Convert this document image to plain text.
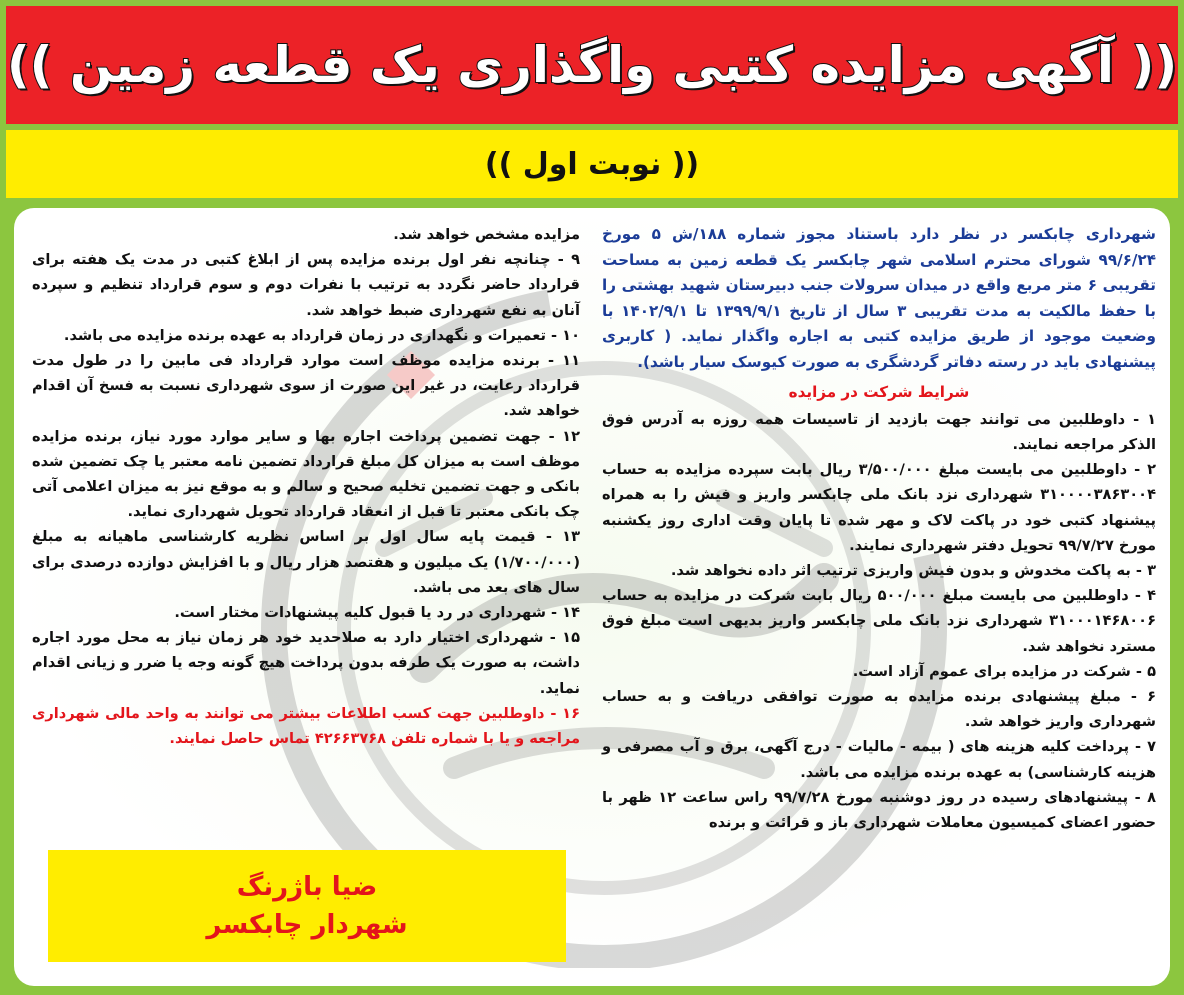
(( آگهی مزایده کتبی واگذاری یک قطعه زمین ))
(( نوبت اول ))

شهرداری چابکسر در نظر دارد باستناد مجوز شماره ۱۸۸/ش ۵ مورخ ۹۹/۶/۲۴ شورای محترم اسلامی شهر چابکسر یک قطعه زمین به مساحت تقریبی ۶ متر مربع واقع در میدان سرولات جنب دبیرستان شهید بهشتی را با حفظ مالکیت به مدت تقریبی ۳ سال از تاریخ ۱۳۹۹/۹/۱ تا ۱۴۰۲/۹/۱ با وضعیت موجود از طریق مزایده کتبی به اجاره واگذار نماید. ( کاربری پیشنهادی باید در رسته دفاتر گردشگری به صورت کیوسک سیار باشد).

شرایط شرکت در مزایده

۱ - داوطلبین می توانند جهت بازدید از تاسیسات همه روزه به آدرس فوق الذکر مراجعه نمایند.

۲ - داوطلبین می بایست مبلغ ۳/۵۰۰/۰۰۰ ریال بابت سپرده مزایده به حساب ۳۱۰۰۰۰۳۸۶۳۰۰۴ شهرداری نزد بانک ملی چابکسر واریز و فیش را به همراه پیشنهاد کتبی خود در پاکت لاک و مهر شده تا پایان وقت اداری روز یکشنبه مورخ ۹۹/۷/۲۷ تحویل دفتر شهرداری نمایند.

۳ - به پاکت مخدوش و بدون فیش واریزی ترتیب اثر داده نخواهد شد.

۴ - داوطلبین می بایست مبلغ ۵۰۰/۰۰۰ ریال بابت شرکت در مزایده به حساب ۳۱۰۰۰۱۴۶۸۰۰۶ شهرداری نزد بانک ملی چابکسر واریز بدیهی است مبلغ فوق مسترد نخواهد شد.

۵ - شرکت در مزایده برای عموم آزاد است.

۶ - مبلغ پیشنهادی برنده مزایده به صورت توافقی دریافت و به حساب شهرداری واریز خواهد شد.

۷ - پرداخت کلیه هزینه های ( بیمه - مالیات - درج آگهی، برق و آب مصرفی و هزینه کارشناسی) به عهده برنده مزایده می باشد.

۸ - پیشنهادهای رسیده در روز دوشنبه مورخ ۹۹/۷/۲۸ راس ساعت ۱۲ ظهر با حضور اعضای کمیسیون معاملات شهرداری باز و قرائت و برنده

مزایده مشخص خواهد شد.

۹ - چنانچه نفر اول برنده مزایده پس از ابلاغ کتبی در مدت یک هفته برای قرارداد حاضر نگردد به ترتیب با نفرات دوم و سوم قرارداد تنظیم و سپرده آنان به نفع شهرداری ضبط خواهد شد.

۱۰ - تعمیرات و نگهداری در زمان قرارداد به عهده برنده مزایده می باشد.

۱۱ - برنده مزایده موظف است موارد قرارداد فی مابین را در طول مدت قرارداد رعایت، در غیر این صورت از سوی شهرداری نسبت به فسخ آن اقدام خواهد شد.

۱۲ - جهت تضمین پرداخت اجاره بها و سایر موارد مورد نیاز، برنده مزایده موظف است به میزان کل مبلغ قرارداد تضمین نامه معتبر یا چک تضمین شده بانکی و جهت تضمین تخلیه صحیح و سالم و به موقع نیز به میزان اعلامی آتی چک بانکی معتبر تا قبل از انعقاد قرارداد تحویل شهرداری نماید.

۱۳ - قیمت پایه سال اول بر اساس نظریه کارشناسی ماهیانه به مبلغ (۱/۷۰۰/۰۰۰) یک میلیون و هفتصد هزار ریال و با افزایش دوازده درصدی برای سال های بعد می باشد.

۱۴ - شهرداری در رد یا قبول کلیه پیشنهادات مختار است.

۱۵ - شهرداری اختیار دارد به صلاحدید خود هر زمان نیاز به محل مورد اجاره داشت، به صورت یک طرفه بدون پرداخت هیچ گونه وجه یا ضرر و زیانی اقدام نماید.

۱۶ - داوطلبین جهت کسب اطلاعات بیشتر می توانند به واحد مالی شهرداری مراجعه و یا با شماره تلفن ۴۲۶۶۳۷۶۸ تماس حاصل نمایند.

ضیا باژرنگ
شهردار چابکسر
